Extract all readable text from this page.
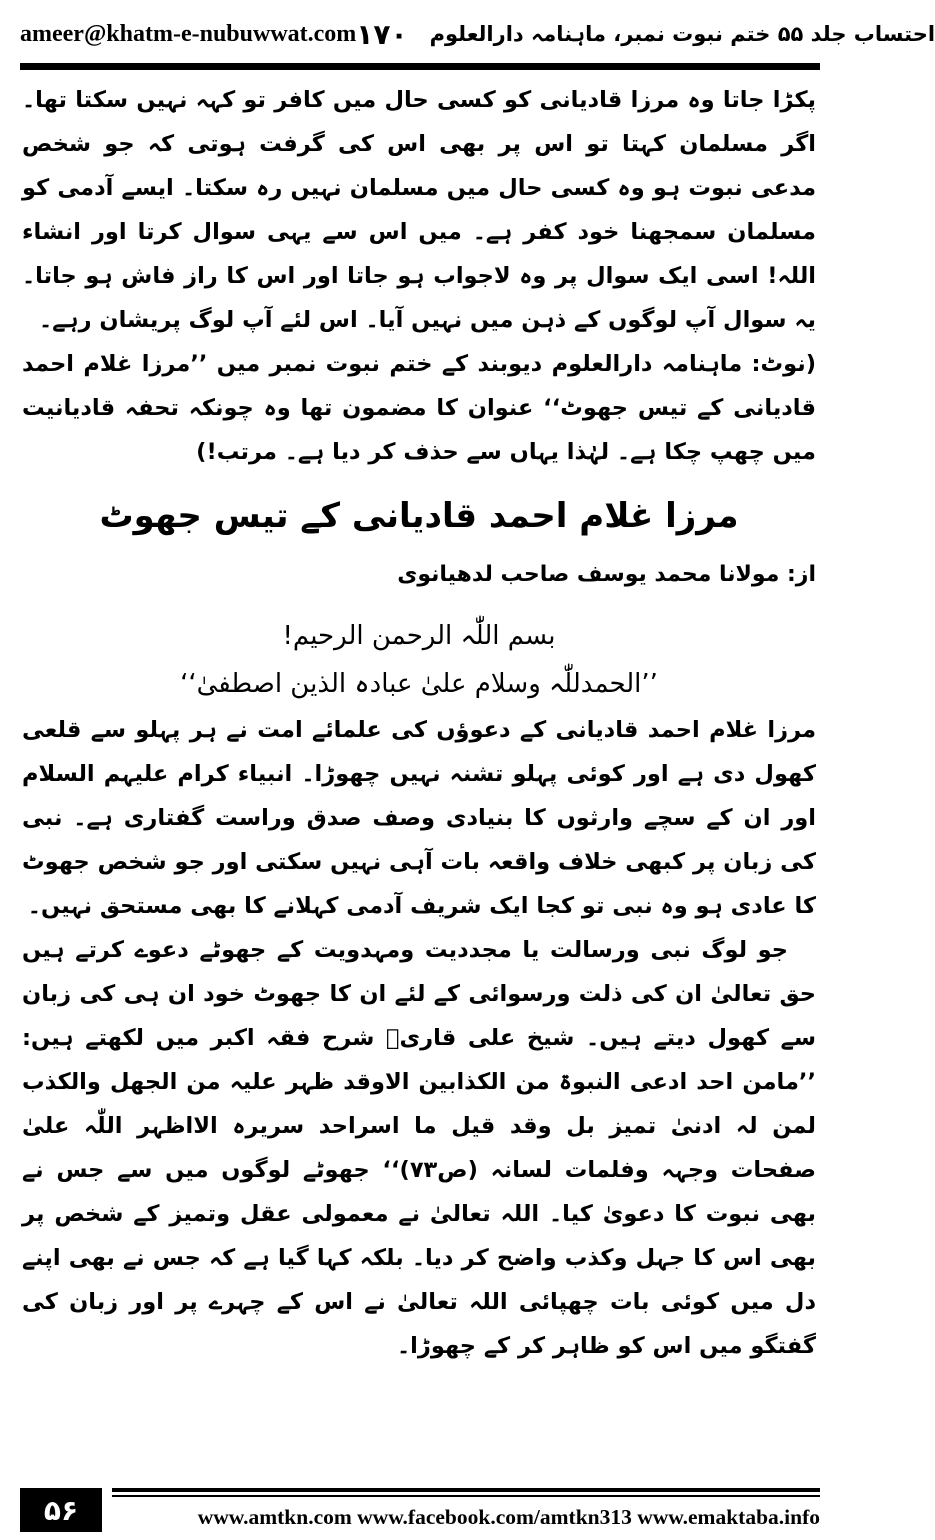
ameer@khatm-e-nubuwwat.com	احتساب جلد ۵۵ ختم نبوت نمبر، ماہنامہ دارالعلوم
۱۷۰

پکڑا جاتا وہ مرزا قادیانی کو کسی حال میں کافر تو کہہ نہیں سکتا تھا۔ اگر مسلمان کہتا تو اس پر بھی اس کی گرفت ہوتی کہ جو شخص مدعی نبوت ہو وہ کسی حال میں مسلمان نہیں رہ سکتا۔ ایسے آدمی کو مسلمان سمجھنا خود کفر ہے۔ میں اس سے یہی سوال کرتا اور انشاء اللہ! اسی ایک سوال پر وہ لاجواب ہو جاتا اور اس کا راز فاش ہو جاتا۔ یہ سوال آپ لوگوں کے ذہن میں نہیں آیا۔ اس لئے آپ لوگ پریشان رہے۔

(نوٹ: ماہنامہ دارالعلوم دیوبند کے ختم نبوت نمبر میں ’’مرزا غلام احمد قادیانی کے تیس جھوٹ‘‘ عنوان کا مضمون تھا وہ چونکہ تحفہ قادیانیت میں چھپ چکا ہے۔ لہٰذا یہاں سے حذف کر دیا ہے۔ مرتب!)

مرزا غلام احمد قادیانی کے تیس جھوٹ

از: مولانا محمد یوسف صاحب لدھیانوی

بسم اللّٰہ الرحمن الرحیم!

’’الحمدللّٰہ وسلام علیٰ عبادہ الذین اصطفیٰ‘‘

مرزا غلام احمد قادیانی کے دعوؤں کی علمائے امت نے ہر پہلو سے قلعی کھول دی ہے اور کوئی پہلو تشنہ نہیں چھوڑا۔ انبیاء کرام علیہم السلام اور ان کے سچے وارثوں کا بنیادی وصف صدق وراست گفتاری ہے۔ نبی کی زبان پر کبھی خلاف واقعہ بات آہی نہیں سکتی اور جو شخص جھوٹ کا عادی ہو وہ نبی تو کجا ایک شریف آدمی کہلانے کا بھی مستحق نہیں۔

جو لوگ نبی ورسالت یا مجددیت ومہدویت کے جھوٹے دعوے کرتے ہیں حق تعالیٰ ان کی ذلت ورسوائی کے لئے ان کا جھوٹ خود ان ہی کی زبان سے کھول دیتے ہیں۔ شیخ علی قاریؒ شرح فقہ اکبر میں لکھتے ہیں: ’’مامن احد ادعی النبوۃ من الکذابین الاوقد ظہر علیہ من الجھل والکذب لمن لہ ادنیٰ تمیز بل وقد قیل ما اسراحد سریرہ الااظہر اللّٰہ علیٰ صفحات وجہہ وفلمات لسانہ (ص۷۳)‘‘ جھوٹے لوگوں میں سے جس نے بھی نبوت کا دعویٰ کیا۔ اللہ تعالیٰ نے معمولی عقل وتمیز کے شخص پر بھی اس کا جہل وکذب واضح کر دیا۔ بلکہ کہا گیا ہے کہ جس نے بھی اپنے دل میں کوئی بات چھپائی اللہ تعالیٰ نے اس کے چہرے پر اور زبان کی گفتگو میں اس کو ظاہر کر کے چھوڑا۔

۵۶	www.amtkn.com www.facebook.com/amtkn313 www.emaktaba.info
